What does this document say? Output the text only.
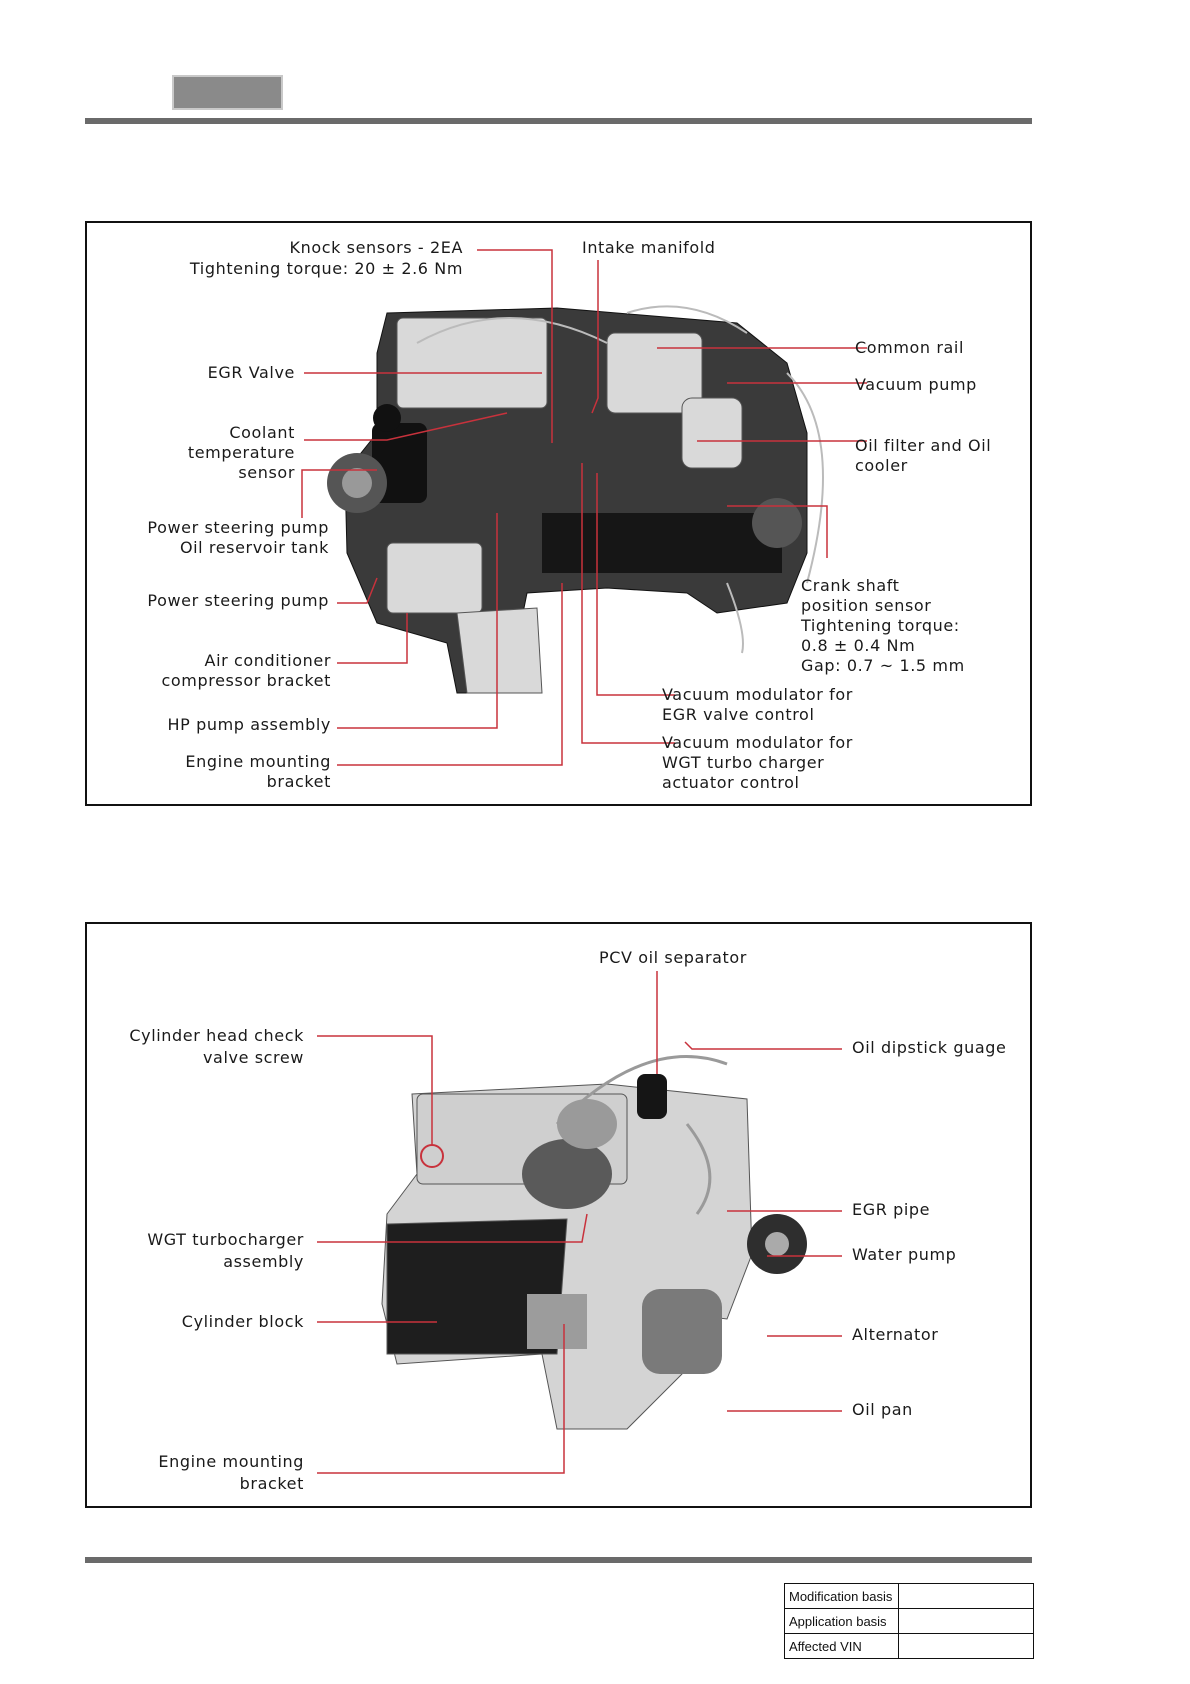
Knock sensors - 2EA
Tightening torque: 20 ± 2.6 Nm
Intake manifold
EGR Valve
Coolant
temperature
sensor
Power steering pump
Oil reservoir tank
Power steering pump
Air conditioner
compressor bracket
HP pump assembly
Engine mounting
bracket
Common rail
Vacuum pump
Oil filter and Oil
cooler
Crank shaft
position sensor
Tightening torque:
0.8 ± 0.4 Nm
Gap: 0.7 ~ 1.5 mm
Vacuum modulator for
EGR valve control
Vacuum modulator for
WGT turbo charger
actuator control
PCV oil separator
Cylinder head check
valve screw
Oil dipstick guage
EGR pipe
Water pump
WGT turbocharger
assembly
Cylinder block
Alternator
Oil pan
Engine mounting
bracket
Modification basis	
Application basis	
Affected VIN	
